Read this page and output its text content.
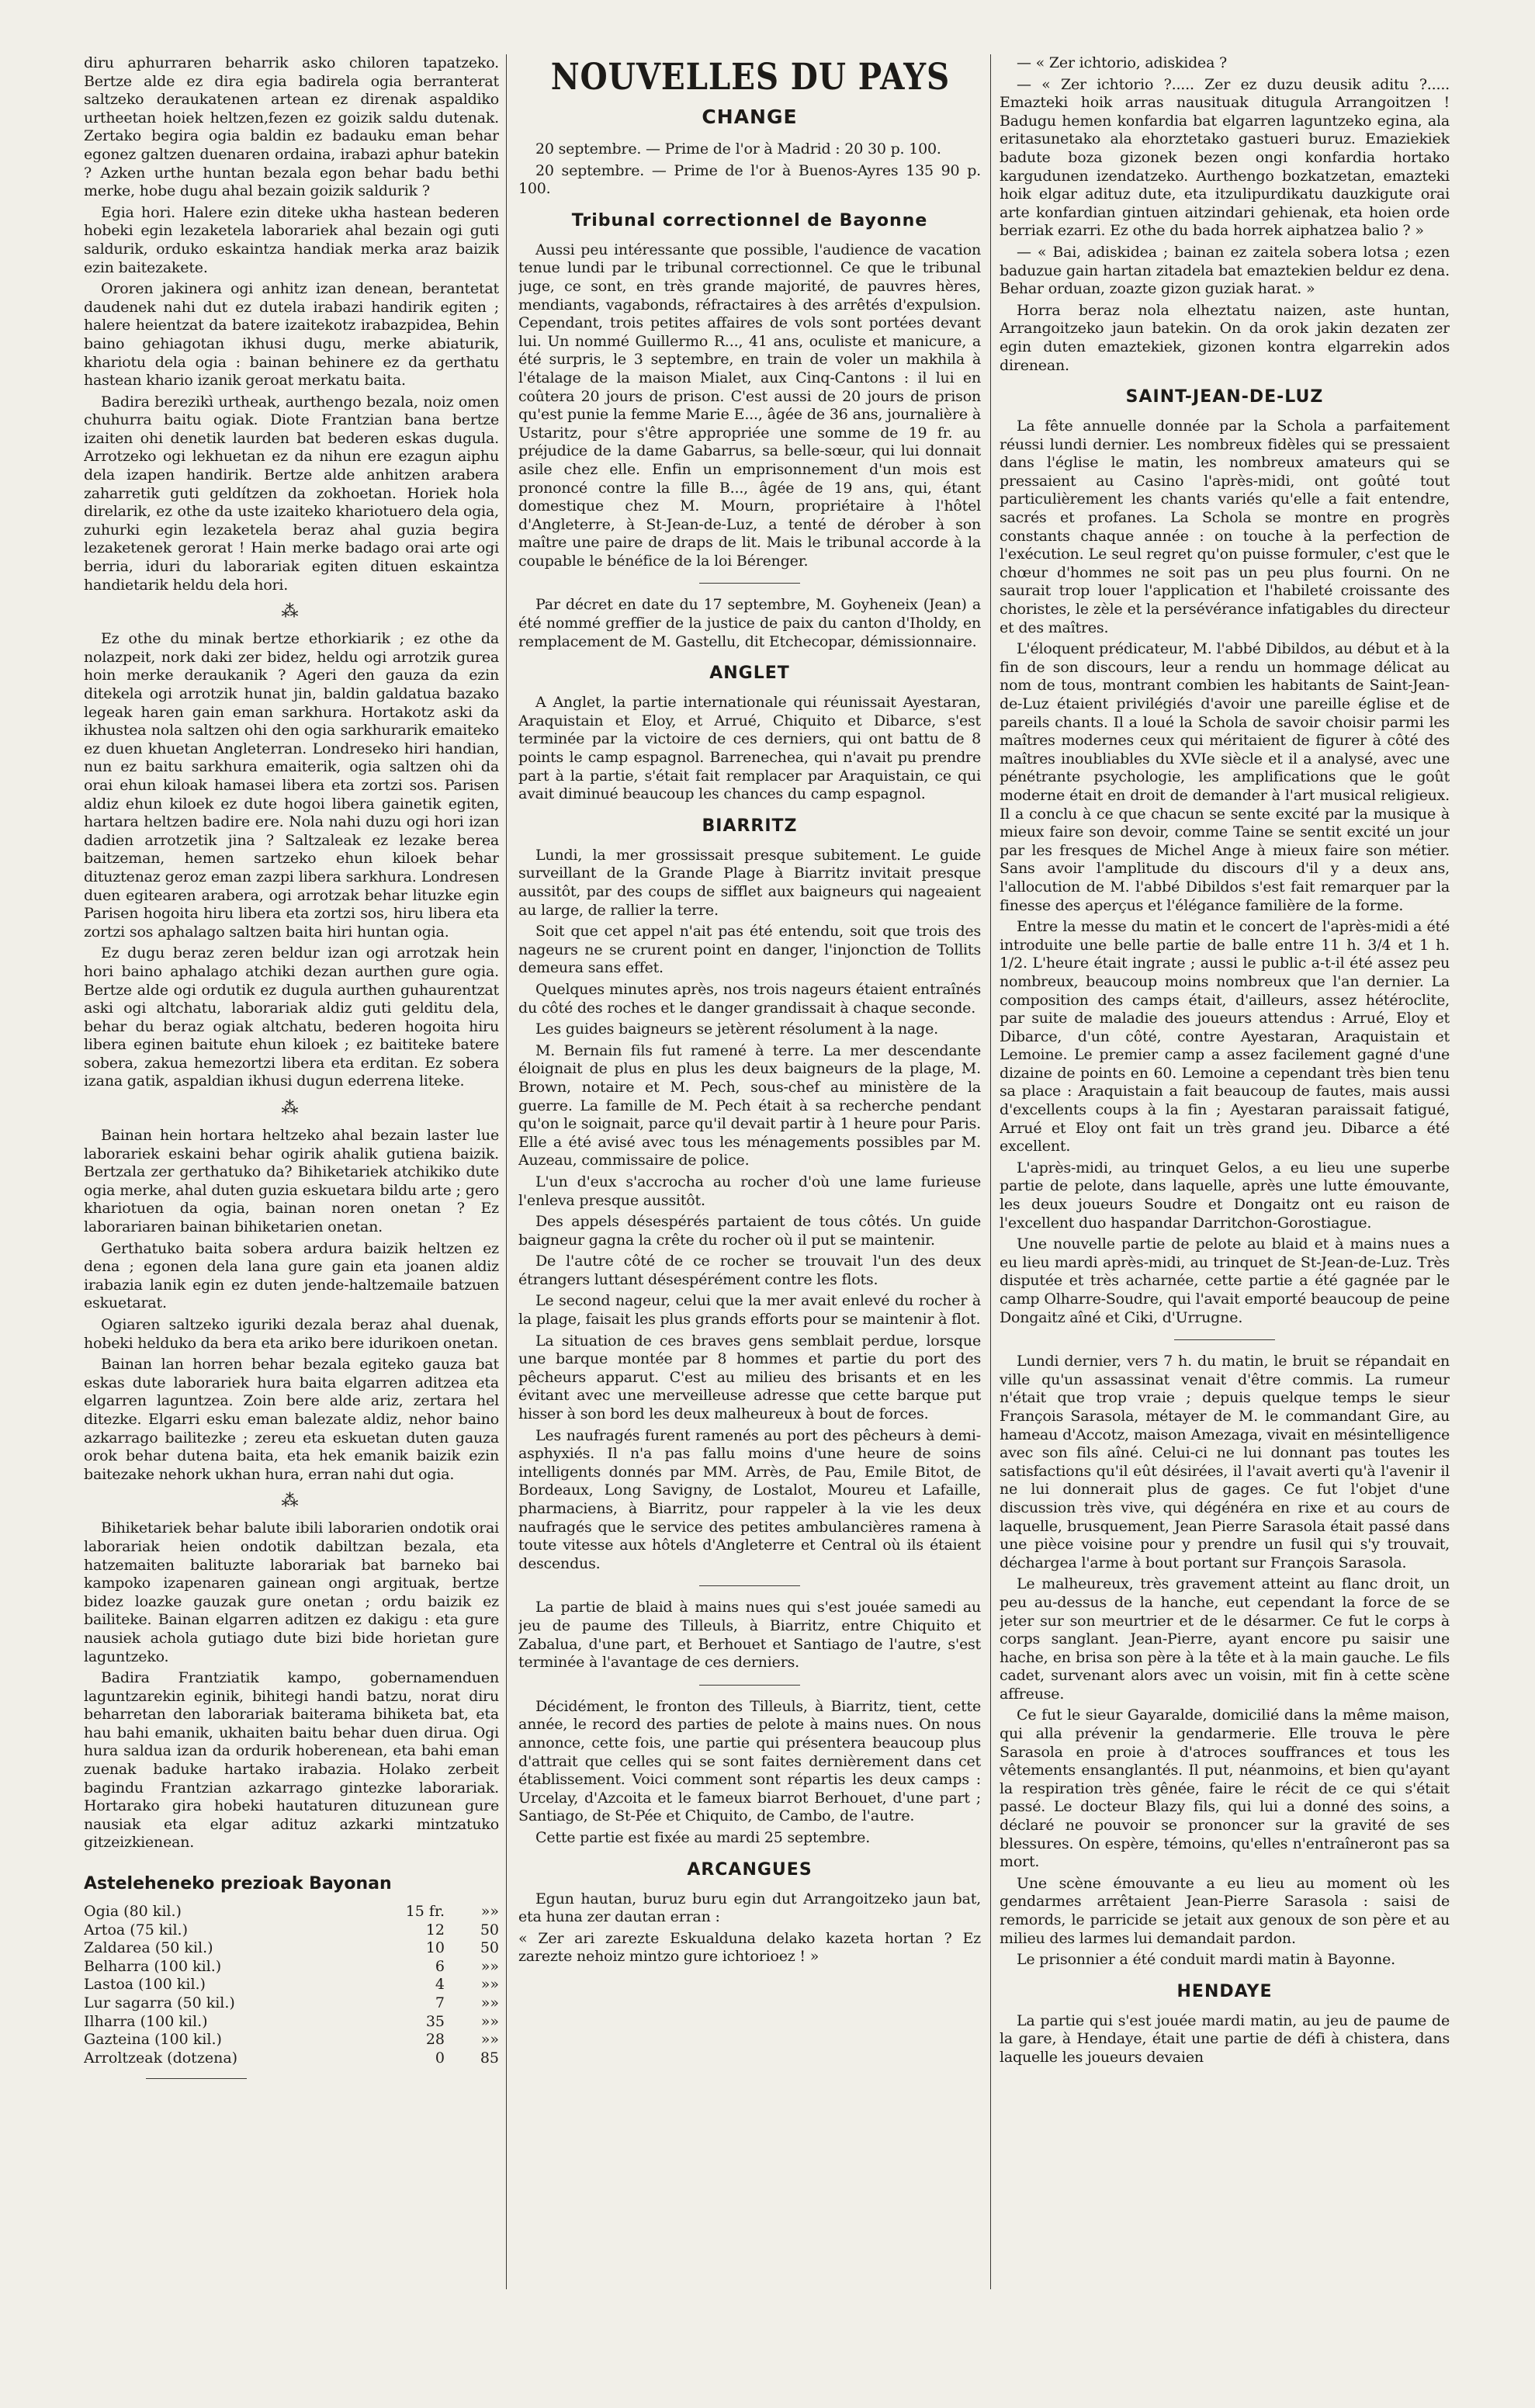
diru aphurraren beharrik asko chiloren tapatzeko. Bertze alde ez dira egia badirela ogia berranterat saltzeko deraukatenen artean ez direnak aspaldiko urtheetan hoiek heltzen,fezen ez goizik saldu dutenak. Zertako begira ogia baldin ez badauku eman behar egonez galtzen duenaren ordaina, irabazi aphur batekin ? Azken urthe huntan bezala egon behar badu bethi merke, hobe dugu ahal bezain goizik saldurik ?

Egia hori. Halere ezin diteke ukha hastean bederen hobeki egin lezaketela laborariek ahal bezain ogi guti saldurik, orduko eskaintza handiak merka araz baizik ezin baitezakete.

Ororen jakinera ogi anhitz izan denean, berantetat daudenek nahi dut ez dutela irabazi handirik egiten ; halere heientzat da batere izaitekotz irabazpidea, Behin baino gehiagotan ikhusi dugu, merke abiaturik, khariotu dela ogia : bainan behinere ez da gerthatu hastean khario izanik geroat merkatu baita.

Badira berezikì urtheak, aurthengo bezala, noiz omen chuhurra baitu ogiak. Diote Frantzian bana bertze izaiten ohi denetik laurden bat bederen eskas dugula. Arrotzeko ogi lekhuetan ez da nihun ere ezagun aiphu dela izapen handirik. Bertze alde anhitzen arabera zaharretik guti geldítzen da zokhoetan. Horiek hola direlarik, ez othe da uste izaiteko khariotuero dela ogia, zuhurki egin lezaketela beraz ahal guzia begira lezaketenek gerorat ! Hain merke badago orai arte ogi berria, iduri du laborariak egiten dituen eskaintza handietarik heldu dela hori.

⁂

Ez othe du minak bertze ethorkiarik ; ez othe da nolazpeit, nork daki zer bidez, heldu ogi arrotzik gurea hoin merke deraukanik ? Ageri den gauza da ezin ditekela ogi arrotzik hunat jin, baldin galdatua bazako legeak haren gain eman sarkhura. Hortakotz aski da ikhustea nola saltzen ohi den ogia sarkhurarik emaiteko ez duen khuetan Angleterran. Londreseko hiri handian, nun ez baitu sarkhura emaiterik, ogia saltzen ohi da orai ehun kiloak hamasei libera eta zortzi sos. Parisen aldiz ehun kiloek ez dute hogoi libera gainetik egiten, hartara heltzen badire ere. Nola nahi duzu ogi hori izan dadien arrotzetik jina ? Saltzaleak ez lezake berea baitzeman, hemen sartzeko ehun kiloek behar dituztenaz geroz eman zazpi libera sarkhura. Londresen duen egitearen arabera, ogi arrotzak behar lituzke egin Parisen hogoita hiru libera eta zortzi sos, hiru libera eta zortzi sos aphalago saltzen baita hiri huntan ogia.

Ez dugu beraz zeren beldur izan ogi arrotzak hein hori baino aphalago atchiki dezan aurthen gure ogia. Bertze alde ogi ordutik ez dugula aurthen guhaurentzat aski ogi altchatu, laborariak aldiz guti gelditu dela, behar du beraz ogiak altchatu, bederen hogoita hiru libera eginen baitute ehun kiloek ; ez baititeke batere sobera, zakua hemezortzi libera eta erditan. Ez sobera izana gatik, aspaldian ikhusi dugun ederrena liteke.

⁂

Bainan hein hortara heltzeko ahal bezain laster lue laborariek eskaini behar ogirik ahalik gutiena baizik. Bertzala zer gerthatuko da? Bihiketariek atchikiko dute ogia merke, ahal duten guzia eskuetara bildu arte ; gero khariotuen da ogia, bainan noren onetan ? Ez laborariaren bainan bihiketarien onetan.

Gerthatuko baita sobera ardura baizik heltzen ez dena ; egonen dela lana gure gain eta joanen aldiz irabazia lanik egin ez duten jende-haltzemaile batzuen eskuetarat.

Ogiaren saltzeko iguriki dezala beraz ahal duenak, hobeki helduko da bera eta ariko bere idurikoen onetan.

Bainan lan horren behar bezala egiteko gauza bat eskas dute laborariek hura baita elgarren aditzea eta elgarren laguntzea. Zoin bere alde ariz, zertara hel ditezke. Elgarri esku eman balezate aldiz, nehor baino azkarrago bailitezke ; zereu eta eskuetan duten gauza orok behar dutena baita, eta hek emanik baizik ezin baitezake nehork ukhan hura, erran nahi dut ogia.

⁂

Bihiketariek behar balute ibili laborarien ondotik orai laborariak heien ondotik dabiltzan bezala, eta hatzemaiten balituzte laborariak bat barneko bai kampoko izapenaren gainean ongi argituak, bertze bidez loazke gauzak gure onetan ; ordu baizik ez bailiteke. Bainan elgarren aditzen ez dakigu : eta gure nausiek achola gutiago dute bizi bide horietan gure laguntzeko.

Badira Frantziatik kampo, gobernamenduen laguntzarekin eginik, bihitegi handi batzu, norat diru beharretan den laborariak baiterama bihiketa bat, eta hau bahi emanik, ukhaiten baitu behar duen dirua. Ogi hura salduа izan da ordurik hoberenean, eta bahi eman zuenak baduke hartako irabazia. Holako zerbeit bagindu Frantzian azkarrago gintezke laborariak. Hortarako gira hobeki hautaturen dituzunean gure nausiak eta elgar adituz azkarki mintzatuko gitzeizkienean.

Asteleheneko prezioak Bayonan
Ogia (80 kil.)	15 fr.	»»
Artoa (75 kil.)	12	50
Zaldarea (50 kil.)	10	50
Belharra (100 kil.)	6	»»
Lastoa (100 kil.)	4	»»
Lur sagarra (50 kil.)	7	»»
Ilharra (100 kil.)	35	»»
Gazteina (100 kil.)	28	»»
Arroltzeak (dotzena)	0	85
NOUVELLES DU PAYS
CHANGE

20 septembre. — Prime de l'or à Madrid : 20 30 p. 100.

20 septembre. — Prime de l'or à Buenos-Ayres 135 90 p. 100.

Tribunal correctionnel de Bayonne

Aussi peu intéressante que possible, l'audience de vacation tenue lundi par le tribunal correctionnel. Ce que le tribunal juge, ce sont, en très grande majorité, de pauvres hères, mendiants, vagabonds, réfractaires à des arrêtés d'expulsion. Cependant, trois petites affaires de vols sont portées devant lui. Un nommé Guillermo R..., 41 ans, oculiste et manicure, a été surpris, le 3 septembre, en train de voler un makhila à l'étalage de la maison Mialet, aux Cinq-Cantons : il lui en coûtera 20 jours de prison. C'est aussi de 20 jours de prison qu'est punie la femme Marie E..., âgée de 36 ans, journalière à Ustaritz, pour s'être appropriée une somme de 19 fr. au préjudice de la dame Gabarrus, sa belle-sœur, qui lui donnait asile chez elle. Enfin un emprisonnement d'un mois est prononcé contre la fille B..., âgée de 19 ans, qui, étant domestique chez M. Mourn, propriétaire à l'hôtel d'Angleterre, à St-Jean-de-Luz, a tenté de dérober à son maître une paire de draps de lit. Mais le tribunal accorde à la coupable le bénéfice de la loi Bérenger.

Par décret en date du 17 septembre, M. Goyheneix (Jean) a été nommé greffier de la justice de paix du canton d'Iholdy, en remplacement de M. Gastellu, dit Etchecopar, démissionnaire.

ANGLET

A Anglet, la partie internationale qui réunissait Ayestaran, Araquistain et Eloy, et Arrué, Chiquito et Dibarce, s'est terminée par la victoire de ces derniers, qui ont battu de 8 points le camp espagnol. Barrenechea, qui n'avait pu prendre part à la partie, s'était fait remplacer par Araquistain, ce qui avait diminué beaucoup les chances du camp espagnol.

BIARRITZ

Lundi, la mer grossissait presque subitement. Le guide surveillant de la Grande Plage à Biarritz invitait presque aussitôt, par des coups de sifflet aux baigneurs qui nageaient au large, de rallier la terre.

Soit que cet appel n'ait pas été entendu, soit que trois des nageurs ne se crurent point en danger, l'injonction de Tollits demeura sans effet.

Quelques minutes après, nos trois nageurs étaient entraînés du côté des roches et le danger grandissait à chaque seconde.

Les guides baigneurs se jetèrent résolument à la nage.

M. Bernain fils fut ramené à terre. La mer descendante éloignait de plus en plus les deux baigneurs de la plage, M. Brown, notaire et M. Pech, sous-chef au ministère de la guerre. La famille de M. Pech était à sa recherche pendant qu'on le soignait, parce qu'il devait partir à 1 heure pour Paris. Elle a été avisé avec tous les ménagements possibles par M. Auzeau, commissaire de police.

L'un d'eux s'accrocha au rocher d'où une lame furieuse l'enleva presque aussitôt.

Des appels désespérés partaient de tous côtés. Un guide baigneur gagna la crête du rocher où il put se maintenir.

De l'autre côté de ce rocher se trouvait l'un des deux étrangers luttant désespérément contre les flots.

Le second nageur, celui que la mer avait enlevé du rocher à la plage, faisait les plus grands efforts pour se maintenir à flot.

La situation de ces braves gens semblait perdue, lorsque une barque montée par 8 hommes et partie du port des pêcheurs apparut. C'est au milieu des brisants et en les évitant avec une merveilleuse adresse que cette barque put hisser à son bord les deux malheureux à bout de forces.

Les naufragés furent ramenés au port des pêcheurs à demi-asphyxiés. Il n'a pas fallu moins d'une heure de soins intelligents donnés par MM. Arrès, de Pau, Emile Bitot, de Bordeaux, Long Savigny, de Lostalot, Moureu et Lafaille, pharmaciens, à Biarritz, pour rappeler à la vie les deux naufragés que le service des petites ambulancières ramena à toute vitesse aux hôtels d'Angleterre et Central où ils étaient descendus.

La partie de blaid à mains nues qui s'est jouée samedi au jeu de paume des Tilleuls, à Biarritz, entre Chiquito et Zabalua, d'une part, et Berhouet et Santiago de l'autre, s'est terminée à l'avantage de ces derniers.

Décidément, le fronton des Tilleuls, à Biarritz, tient, cette année, le record des parties de pelote à mains nues. On nous annonce, cette fois, une partie qui présentera beaucoup plus d'attrait que celles qui se sont faites dernièrement dans cet établissement. Voici comment sont répartis les deux camps : Urcelay, d'Azcoita et le fameux biarrot Berhouet, d'une part ; Santiago, de St-Pée et Chiquito, de Cambo, de l'autre.

Cette partie est fixée au mardi 25 septembre.

ARCANGUES

Egun hautan, buruz buru egin dut Arrangoitzeko jaun bat, eta huna zer dautan erran :

« Zer ari zarezte Eskualduna delako kazeta hortan ? Ez zarezte nehoiz mintzo gure ichtorioez ! »

— « Zer ichtorio, adiskidea ?

— « Zer ichtorio ?..... Zer ez duzu deusik aditu ?..... Emazteki hoik arras nausituak ditugula Arrangoitzen ! Badugu hemen konfardia bat elgarren laguntzeko egina, ala eritasunetako ala ehorztetako gastueri buruz. Emaziekiek badute boza gizonek bezen ongi konfardia hortako kargudunen izendatzeko. Aurthengo bozkatzetan, emazteki hoik elgar adituz dute, eta itzulipurdikatu dauzkigute orai arte konfardian gintuen aitzindari gehienak, eta hoien orde berriak ezarri. Ez othe du bada horrek aiphatzea balio ? »

— « Bai, adiskidea ; bainan ez zaitela sobera lotsa ; ezen baduzue gain hartan zitadela bat emaztekien beldur ez dena. Behar orduan, zoazte gizon guziak harat. »

Horra beraz nola elheztatu naizen, aste huntan, Arrangoitzeko jaun batekin. On da orok jakin dezaten zer egin duten emaztekiek, gizonen kontra elgarrekin ados direnean.

SAINT-JEAN-DE-LUZ

La fête annuelle donnée par la Schola a parfaitement réussi lundi dernier. Les nombreux fidèles qui se pressaient dans l'église le matin, les nombreux amateurs qui se pressaient au Casino l'après-midi, ont goûté tout particulièrement les chants variés qu'elle a fait entendre, sacrés et profanes. La Schola se montre en progrès constants chaque année : on touche à la perfection de l'exécution. Le seul regret qu'on puisse formuler, c'est que le chœur d'hommes ne soit pas un peu plus fourni. On ne saurait trop louer l'application et l'habileté croissante des choristes, le zèle et la persévérance infatigables du directeur et des maîtres.

L'éloquent prédicateur, M. l'abbé Dibildos, au début et à la fin de son discours, leur a rendu un hommage délicat au nom de tous, montrant combien les habitants de Saint-Jean-de-Luz étaient privilégiés d'avoir une pareille église et de pareils chants. Il a loué la Schola de savoir choisir parmi les maîtres modernes ceux qui méritaient de figurer à côté des maîtres inoubliables du XVIe siècle et il a analysé, avec une pénétrante psychologie, les amplifications que le goût moderne était en droit de demander à l'art musical religieux. Il a conclu à ce que chacun se sente excité par la musique à mieux faire son devoir, comme Taine se sentit excité un jour par les fresques de Michel Ange à mieux faire son métier. Sans avoir l'amplitude du discours d'il y a deux ans, l'allocution de M. l'abbé Dibildos s'est fait remarquer par la finesse des aperçus et l'élégance familière de la forme.

Entre la messe du matin et le concert de l'après-midi a été introduite une belle partie de balle entre 11 h. 3/4 et 1 h. 1/2. L'heure était ingrate ; aussi le public a-t-il été assez peu nombreux, beaucoup moins nombreux que l'an dernier. La composition des camps était, d'ailleurs, assez hétéroclite, par suite de maladie des joueurs attendus : Arrué, Eloy et Dibarce, d'un côté, contre Ayestaran, Araquistain et Lemoine. Le premier camp a assez facilement gagné d'une dizaine de points en 60. Lemoine a cependant très bien tenu sa place : Araquistain a fait beaucoup de fautes, mais aussi d'excellents coups à la fin ; Ayestaran paraissait fatigué, Arrué et Eloy ont fait un très grand jeu. Dibarce a été excellent.

L'après-midi, au trinquet Gelos, a eu lieu une superbe partie de pelote, dans laquelle, après une lutte émouvante, les deux joueurs Soudre et Dongaitz ont eu raison de l'excellent duo haspandar Darritchon-Gorostiague.

Une nouvelle partie de pelote au blaid et à mains nues a eu lieu mardi après-midi, au trinquet de St-Jean-de-Luz. Très disputée et très acharnée, cette partie a été gagnée par le camp Olharre-Soudre, qui l'avait emporté beaucoup de peine Dongaitz aîné et Ciki, d'Urrugne.

Lundi dernier, vers 7 h. du matin, le bruit se répandait en ville qu'un assassinat venait d'être commis. La rumeur n'était que trop vraie ; depuis quelque temps le sieur François Sarasola, métayer de M. le commandant Gire, au hameau d'Accotz, maison Amezaga, vivait en mésintelligence avec son fils aîné. Celui-ci ne lui donnant pas toutes les satisfactions qu'il eût désirées, il l'avait averti qu'à l'avenir il ne lui donnerait plus de gages. Ce fut l'objet d'une discussion très vive, qui dégénéra en rixe et au cours de laquelle, brusquement, Jean Pierre Sarasola était passé dans une pièce voisine pour y prendre un fusil qui s'y trouvait, déchargea l'arme à bout portant sur François Sarasola.

Le malheureux, très gravement atteint au flanc droit, un peu au-dessus de la hanche, eut cependant la force de se jeter sur son meurtrier et de le désarmer. Ce fut le corps à corps sanglant. Jean-Pierre, ayant encore pu saisir une hache, en brisa son père à la tête et à la main gauche. Le fils cadet, survenant alors avec un voisin, mit fin à cette scène affreuse.

Ce fut le sieur Gayaralde, domicilié dans la même maison, qui alla prévenir la gendarmerie. Elle trouva le père Sarasola en proie à d'atroces souffrances et tous les vêtements ensanglantés. Il put, néanmoins, et bien qu'ayant la respiration très gênée, faire le récit de ce qui s'était passé. Le docteur Blazy fils, qui lui a donné des soins, a déclaré ne pouvoir se prononcer sur la gravité de ses blessures. On espère, témoins, qu'elles n'entraîneront pas sa mort.

Une scène émouvante a eu lieu au moment où les gendarmes arrêtaient Jean-Pierre Sarasola : saisi de remords, le parricide se jetait aux genoux de son père et au milieu des larmes lui demandait pardon.

Le prisonnier a été conduit mardi matin à Bayonne.

HENDAYE

La partie qui s'est jouée mardi matin, au jeu de paume de la gare, à Hendaye, était une partie de défi à chistera, dans laquelle les joueurs devaien
